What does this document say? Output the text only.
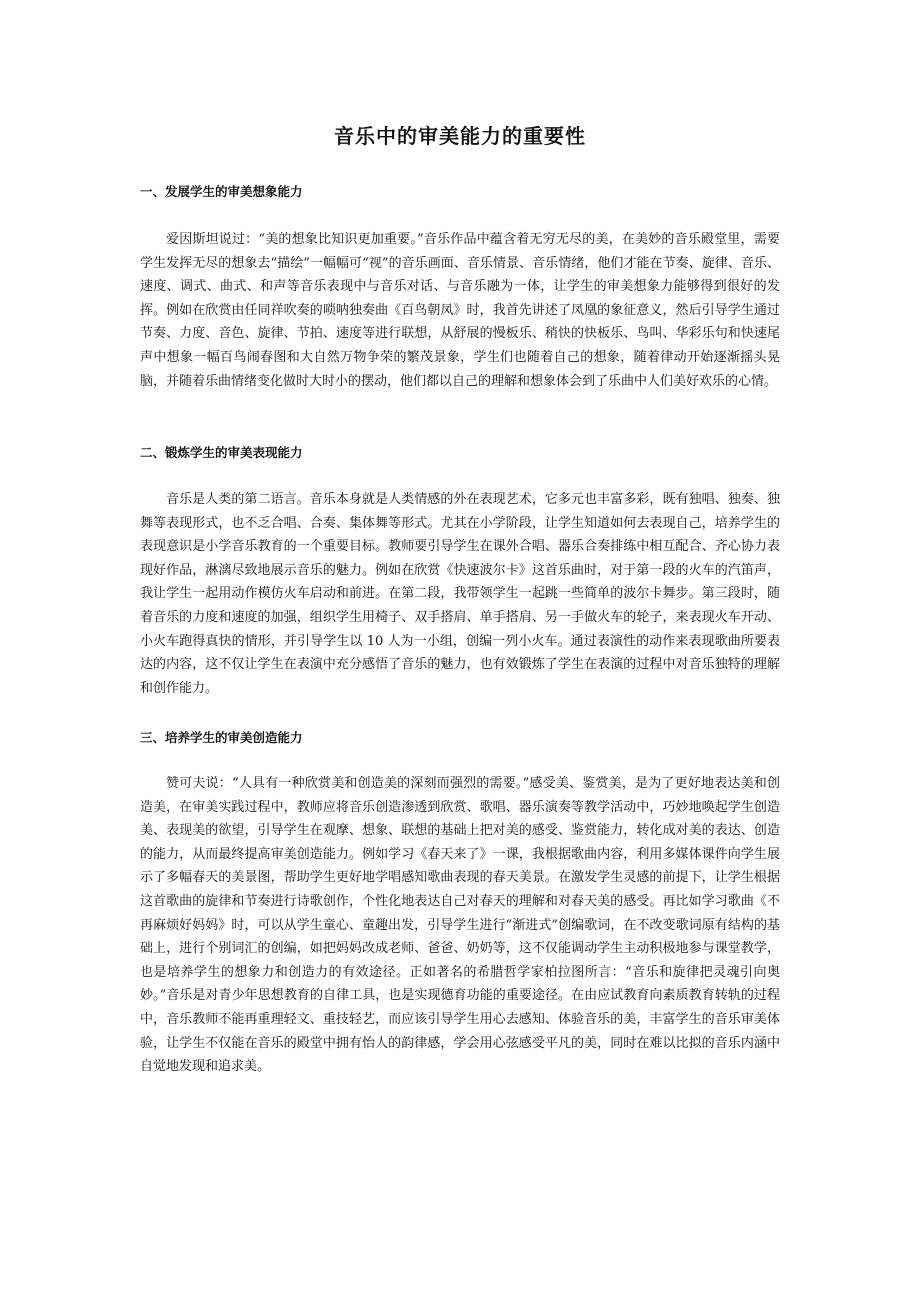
音乐中的审美能力的重要性
一、发展学生的审美想象能力

爱因斯坦说过：“美的想象比知识更加重要。”音乐作品中蕴含着无穷无尽的美，在美妙的音乐殿堂里，需要学生发挥无尽的想象去“描绘”一幅幅可“视”的音乐画面、音乐情景、音乐情绪，他们才能在节奏、旋律、音乐、速度、调式、曲式、和声等音乐表现中与音乐对话、与音乐融为一体，让学生的审美想象力能够得到很好的发挥。例如在欣赏由任同祥吹奏的唢呐独奏曲《百鸟朝凤》时，我首先讲述了凤凰的象征意义，然后引导学生通过节奏、力度、音色、旋律、节拍、速度等进行联想，从舒展的慢板乐、稍快的快板乐、鸟叫、华彩乐句和快速尾声中想象一幅百鸟闹春图和大自然万物争荣的繁茂景象，学生们也随着自己的想象，随着律动开始逐渐摇头晃脑，并随着乐曲情绪变化做时大时小的摆动，他们都以自己的理解和想象体会到了乐曲中人们美好欢乐的心情。

二、锻炼学生的审美表现能力

音乐是人类的第二语言。音乐本身就是人类情感的外在表现艺术，它多元也丰富多彩，既有独唱、独奏、独舞等表现形式，也不乏合唱、合奏、集体舞等形式。尤其在小学阶段，让学生知道如何去表现自己，培养学生的表现意识是小学音乐教育的一个重要目标。教师要引导学生在课外合唱、器乐合奏排练中相互配合、齐心协力表现好作品，淋漓尽致地展示音乐的魅力。例如在欣赏《快速波尔卡》这首乐曲时，对于第一段的火车的汽笛声，我让学生一起用动作模仿火车启动和前进。在第二段，我带领学生一起跳一些简单的波尔卡舞步。第三段时，随着音乐的力度和速度的加强，组织学生用椅子、双手搭肩、单手搭肩、另一手做火车的轮子，来表现火车开动、小火车跑得真快的情形，并引导学生以 10 人为一小组，创编一列小火车。通过表演性的动作来表现歌曲所要表达的内容，这不仅让学生在表演中充分感悟了音乐的魅力，也有效锻炼了学生在表演的过程中对音乐独特的理解和创作能力。

三、培养学生的审美创造能力

赞可夫说：“人具有一种欣赏美和创造美的深刻而强烈的需要。”感受美、鉴赏美，是为了更好地表达美和创造美，在审美实践过程中，教师应将音乐创造渗透到欣赏、歌唱、器乐演奏等教学活动中，巧妙地唤起学生创造美、表现美的欲望，引导学生在观摩、想象、联想的基础上把对美的感受、鉴赏能力，转化成对美的表达、创造的能力，从而最终提高审美创造能力。例如学习《春天来了》一课，我根据歌曲内容，利用多媒体课件向学生展示了多幅春天的美景图，帮助学生更好地学唱感知歌曲表现的春天美景。在激发学生灵感的前提下，让学生根据这首歌曲的旋律和节奏进行诗歌创作，个性化地表达自己对春天的理解和对春天美的感受。再比如学习歌曲《不再麻烦好妈妈》时，可以从学生童心、童趣出发，引导学生进行“渐进式”创编歌词，在不改变歌词原有结构的基础上，进行个别词汇的创编，如把妈妈改成老师、爸爸、奶奶等，这不仅能调动学生主动积极地参与课堂教学，也是培养学生的想象力和创造力的有效途径。正如著名的希腊哲学家柏拉图所言：“音乐和旋律把灵魂引向奥妙。”音乐是对青少年思想教育的自律工具，也是实现德育功能的重要途径。在由应试教育向素质教育转轨的过程中，音乐教师不能再重理轻文、重技轻艺，而应该引导学生用心去感知、体验音乐的美，丰富学生的音乐审美体验，让学生不仅能在音乐的殿堂中拥有怡人的韵律感，学会用心弦感受平凡的美，同时在难以比拟的音乐内涵中自觉地发现和追求美。
